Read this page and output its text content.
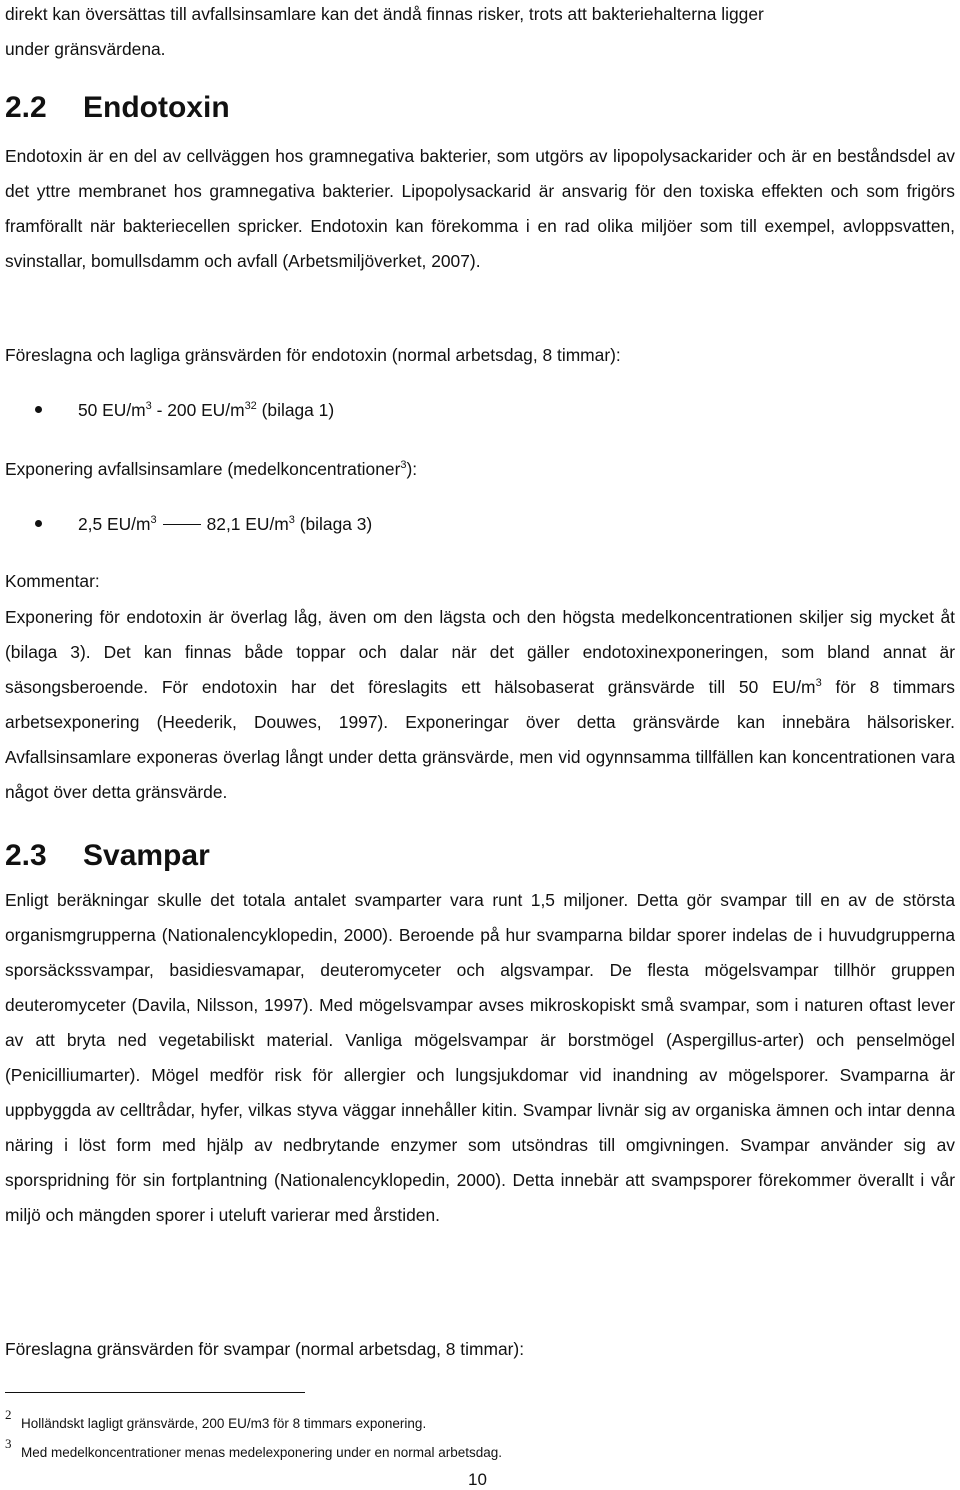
direkt kan översättas till avfallsinsamlare kan det ändå finnas risker, trots att bakteriehalterna ligger
under gränsvärdena.
2.2 Endotoxin

Endotoxin är en del av cellväggen hos gramnegativa bakterier, som utgörs av lipopolysackarider och är en beståndsdel av det yttre membranet hos gramnegativa bakterier. Lipopolysackarid är ansvarig för den toxiska effekten och som frigörs framförallt när bakteriecellen spricker. Endotoxin kan förekomma i en rad olika miljöer som till exempel, avloppsvatten, svinstallar, bomullsdamm och avfall (Arbetsmiljöverket, 2007).

Föreslagna och lagliga gränsvärden för endotoxin (normal arbetsdag, 8 timmar):

50 $EU/m^3 - 200$ $EU/m^{32}$ (bilaga 1)

Exponering avfallsinsamlare (medelkoncentrationer$^3$):

2,5 $EU/m^3$	82,1 $EU/m^3$ (bilaga 3)

Kommentar:

Exponering för endotoxin är överlag låg, även om den lägsta och den högsta medelkoncentrationen skiljer sig mycket åt (bilaga 3). Det kan finnas både toppar och dalar när det gäller endotoxinexponeringen, som bland annat är säsongsberoende. För endotoxin har det föreslagits ett hälsobaserat gränsvärde till 50 $EU/m^3$ för 8 timmars arbetsexponering (Heederik, Douwes, 1997). Exponeringar över detta gränsvärde kan innebära hälsorisker. Avfallsinsamlare exponeras överlag långt under detta gränsvärde, men vid ogynnsamma tillfällen kan koncentrationen vara något över detta gränsvärde.

2.3 Svampar

Enligt beräkningar skulle det totala antalet svamparter vara runt 1,5 miljoner. Detta gör svampar till en av de största organismgrupperna (Nationalencyklopedin, 2000). Beroende på hur svamparna bildar sporer indelas de i huvudgrupperna sporsäckssvampar, basidiesvamapar, deuteromyceter och algsvampar. De flesta mögelsvampar tillhör gruppen deuteromyceter (Davila, Nilsson, 1997). Med mögelsvampar avses mikroskopiskt små svampar, som i naturen oftast lever av att bryta ned vegetabiliskt material. Vanliga mögelsvampar är borstmögel (Aspergillus-arter) och penselmögel (Penicilliumarter). Mögel medför risk för allergier och lungsjukdomar vid inandning av mögelsporer. Svamparna är uppbyggda av celltrådar, hyfer, vilkas styva väggar innehåller kitin. Svampar livnär sig av organiska ämnen och intar denna näring i löst form med hjälp av nedbrytande enzymer som utsöndras till omgivningen. Svampar använder sig av sporspridning för sin fortplantning (Nationalencyklopedin, 2000). Detta innebär att svampsporer förekommer överallt i vår miljö och mängden sporer i uteluft varierar med årstiden.

Föreslagna gränsvärden för svampar (normal arbetsdag, 8 timmar):

2
Holländskt lagligt gränsvärde, 200 EU/m3 för 8 timmars exponering.
3
Med medelkoncentrationer menas medelexponering under en normal arbetsdag.
10
